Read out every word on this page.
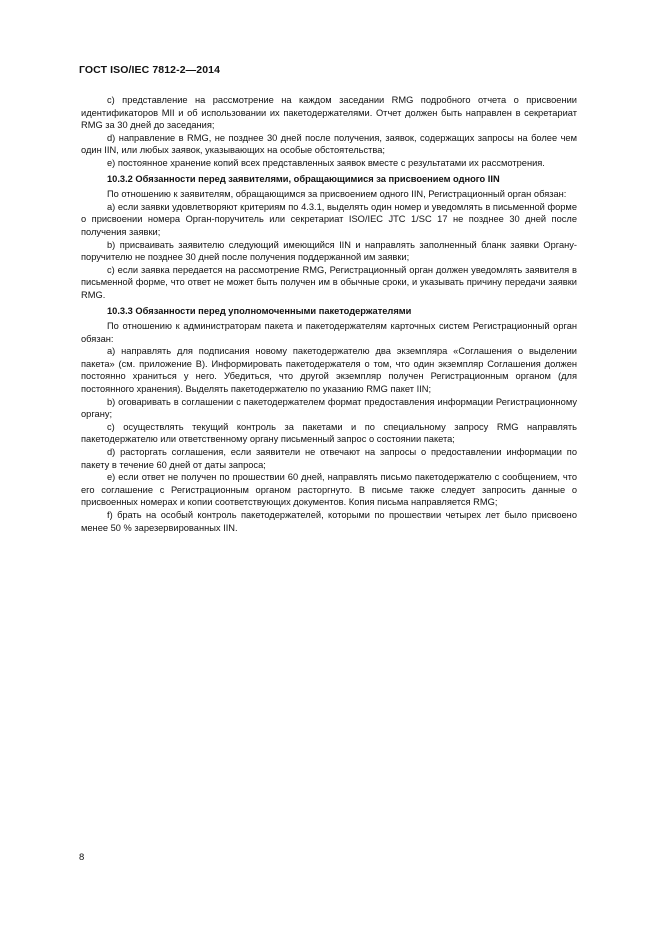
ГОСТ ISO/IEC 7812-2—2014

c) представление на рассмотрение на каждом заседании RMG подробного отчета о присвоении идентификаторов MII и об использовании их пакетодержателями. Отчет должен быть направлен в секретариат RMG за 30 дней до заседания;

d) направление в RMG, не позднее 30 дней после получения, заявок, содержащих запросы на более чем один IIN, или любых заявок, указывающих на особые обстоятельства;

e) постоянное хранение копий всех представленных заявок вместе с результатами их рассмотрения.

10.3.2 Обязанности перед заявителями, обращающимися за присвоением одного IIN

По отношению к заявителям, обращающимся за присвоением одного IIN, Регистрационный орган обязан:

a) если заявки удовлетворяют критериям по 4.3.1, выделять один номер и уведомлять в письменной форме о присвоении номера Орган-поручитель или секретариат ISO/IEC JTC 1/SC 17 не позднее 30 дней после получения заявки;

b) присваивать заявителю следующий имеющийся IIN и направлять заполненный бланк заявки Органу-поручителю не позднее 30 дней после получения поддержанной им заявки;

c) если заявка передается на рассмотрение RMG, Регистрационный орган должен уведомлять заявителя в письменной форме, что ответ не может быть получен им в обычные сроки, и указывать причину передачи заявки RMG.

10.3.3 Обязанности перед уполномоченными пакетодержателями

По отношению к администраторам пакета и пакетодержателям карточных систем Регистрационный орган обязан:

a) направлять для подписания новому пакетодержателю два экземпляра «Соглашения о выделении пакета» (см. приложение В). Информировать пакетодержателя о том, что один экземпляр Соглашения должен постоянно храниться у него. Убедиться, что другой экземпляр получен Регистрационным органом (для постоянного хранения). Выделять пакетодержателю по указанию RMG пакет IIN;

b) оговаривать в соглашении с пакетодержателем формат предоставления информации Регистрационному органу;

c) осуществлять текущий контроль за пакетами и по специальному запросу RMG направлять пакетодержателю или ответственному органу письменный запрос о состоянии пакета;

d) расторгать соглашения, если заявители не отвечают на запросы о предоставлении информации по пакету в течение 60 дней от даты запроса;

e) если ответ не получен по прошествии 60 дней, направлять письмо пакетодержателю с сообщением, что его соглашение с Регистрационным органом расторгнуто. В письме также следует запросить данные о присвоенных номерах и копии соответствующих документов. Копия письма направляется RMG;

f) брать на особый контроль пакетодержателей, которыми по прошествии четырех лет было присвоено менее 50 % зарезервированных IIN.

8
